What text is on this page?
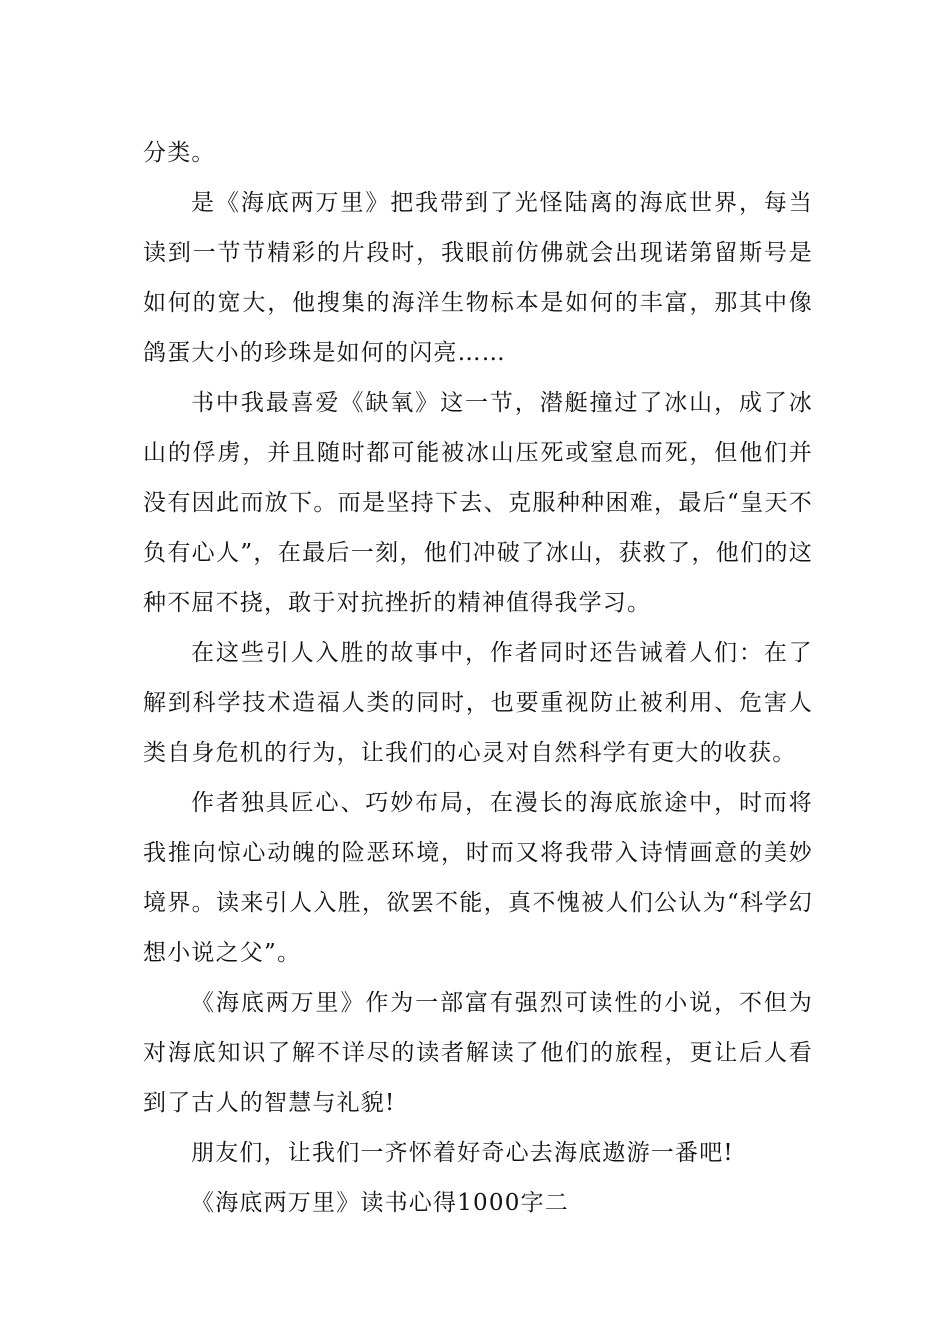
分类。

是《海底两万里》把我带到了光怪陆离的海底世界，每当读到一节节精彩的片段时，我眼前仿佛就会出现诺第留斯号是如何的宽大，他搜集的海洋生物标本是如何的丰富，那其中像鸽蛋大小的珍珠是如何的闪亮……

书中我最喜爱《缺氧》这一节，潜艇撞过了冰山，成了冰山的俘虏，并且随时都可能被冰山压死或窒息而死，但他们并没有因此而放下。而是坚持下去、克服种种困难，最后“皇天不负有心人”，在最后一刻，他们冲破了冰山，获救了，他们的这种不屈不挠，敢于对抗挫折的精神值得我学习。

在这些引人入胜的故事中，作者同时还告诫着人们：在了解到科学技术造福人类的同时，也要重视防止被利用、危害人类自身危机的行为，让我们的心灵对自然科学有更大的收获。

作者独具匠心、巧妙布局，在漫长的海底旅途中，时而将我推向惊心动魄的险恶环境，时而又将我带入诗情画意的美妙境界。读来引人入胜，欲罢不能，真不愧被人们公认为“科学幻想小说之父”。

《海底两万里》作为一部富有强烈可读性的小说，不但为对海底知识了解不详尽的读者解读了他们的旅程，更让后人看到了古人的智慧与礼貌!

朋友们，让我们一齐怀着好奇心去海底遨游一番吧!

《海底两万里》读书心得1000字二
